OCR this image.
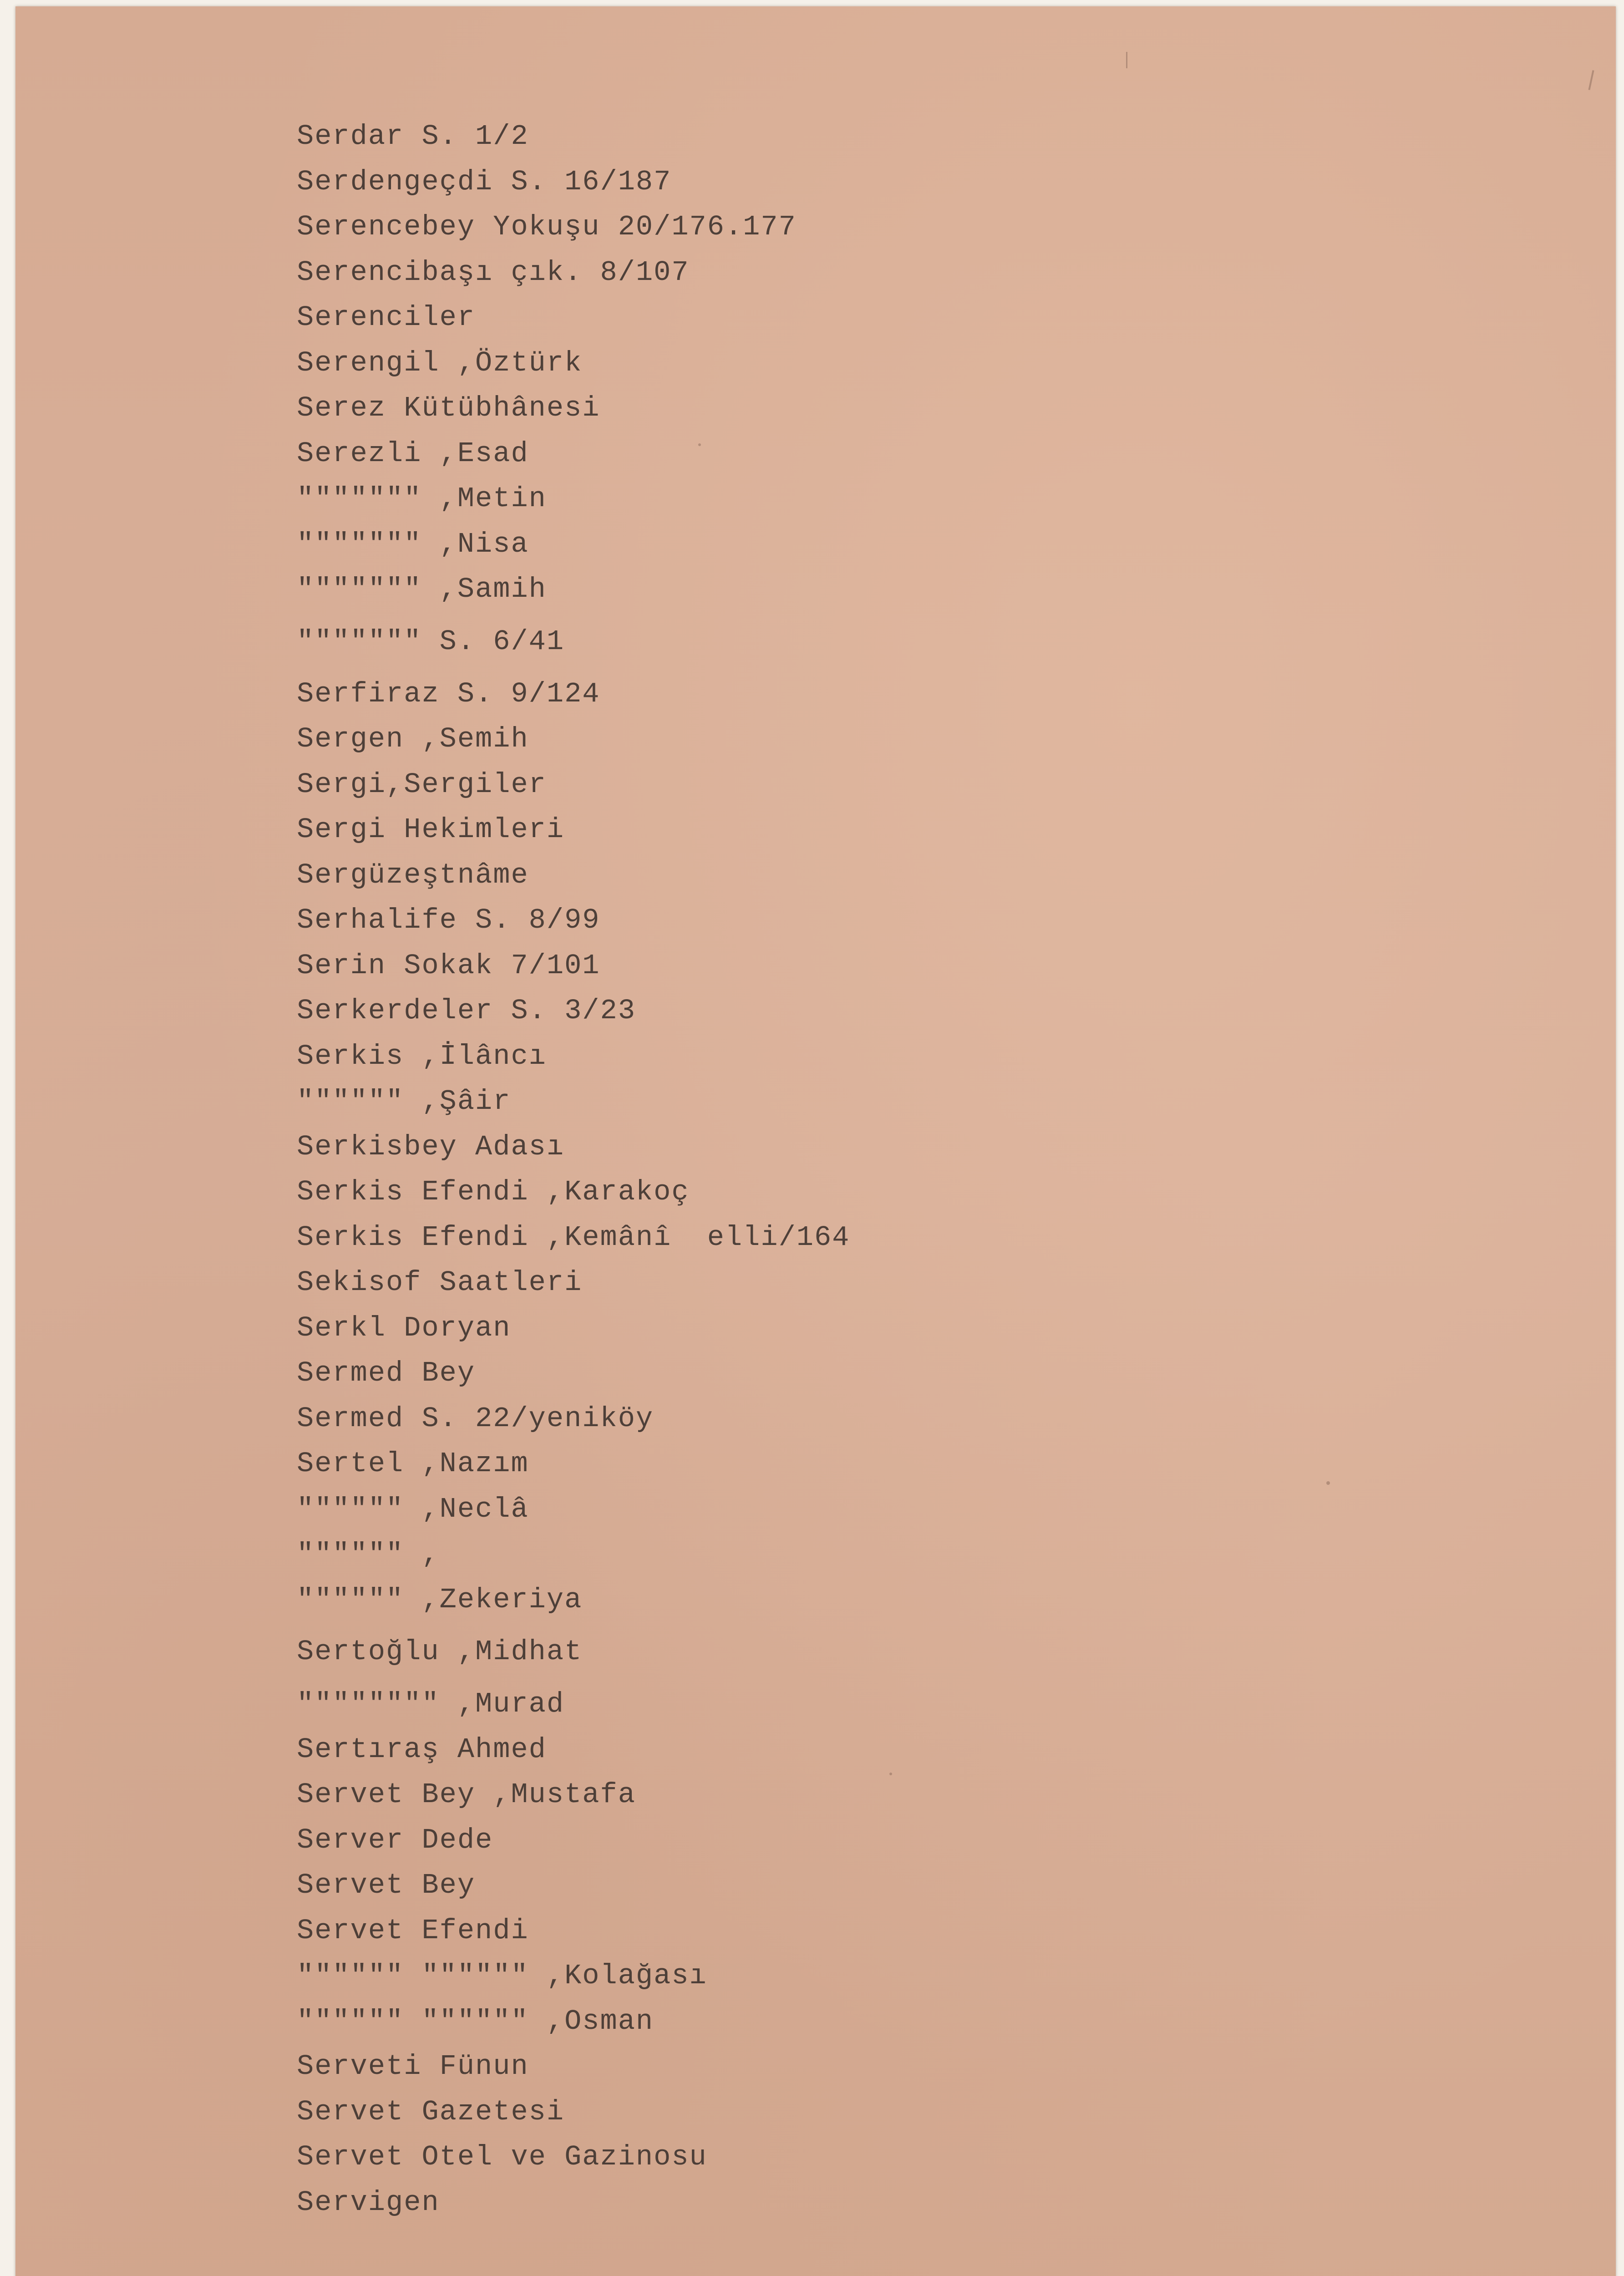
Serdar S. 1/2
Serdengeçdi S. 16/187
Serencebey Yokuşu 20/176.177
Serencibaşı çık. 8/107
Serenciler
Serengil ,Öztürk
Serez Kütübhânesi
Serezli ,Esad
""""""" ,Metin
""""""" ,Nisa
""""""" ,Samih
""""""" S. 6/41
Serfiraz S. 9/124
Sergen ,Semih
Sergi,Sergiler
Sergi Hekimleri
Sergüzeştnâme
Serhalife S. 8/99
Serin Sokak 7/101
Serkerdeler S. 3/23
Serkis ,İlâncı
"""""" ,Şâir
Serkisbey Adası
Serkis Efendi ,Karakoç
Serkis Efendi ,Kemânî  elli/164
Sekisof Saatleri
Serkl Doryan
Sermed Bey
Sermed S. 22/yeniköy
Sertel ,Nazım
"""""" ,Neclâ
"""""" ,
"""""" ,Zekeriya
Sertoğlu ,Midhat
"""""""" ,Murad
Sertıraş Ahmed
Servet Bey ,Mustafa
Server Dede
Servet Bey
Servet Efendi
"""""" """""" ,Kolağası
"""""" """""" ,Osman
Serveti Fünun
Servet Gazetesi
Servet Otel ve Gazinosu
Servigen
